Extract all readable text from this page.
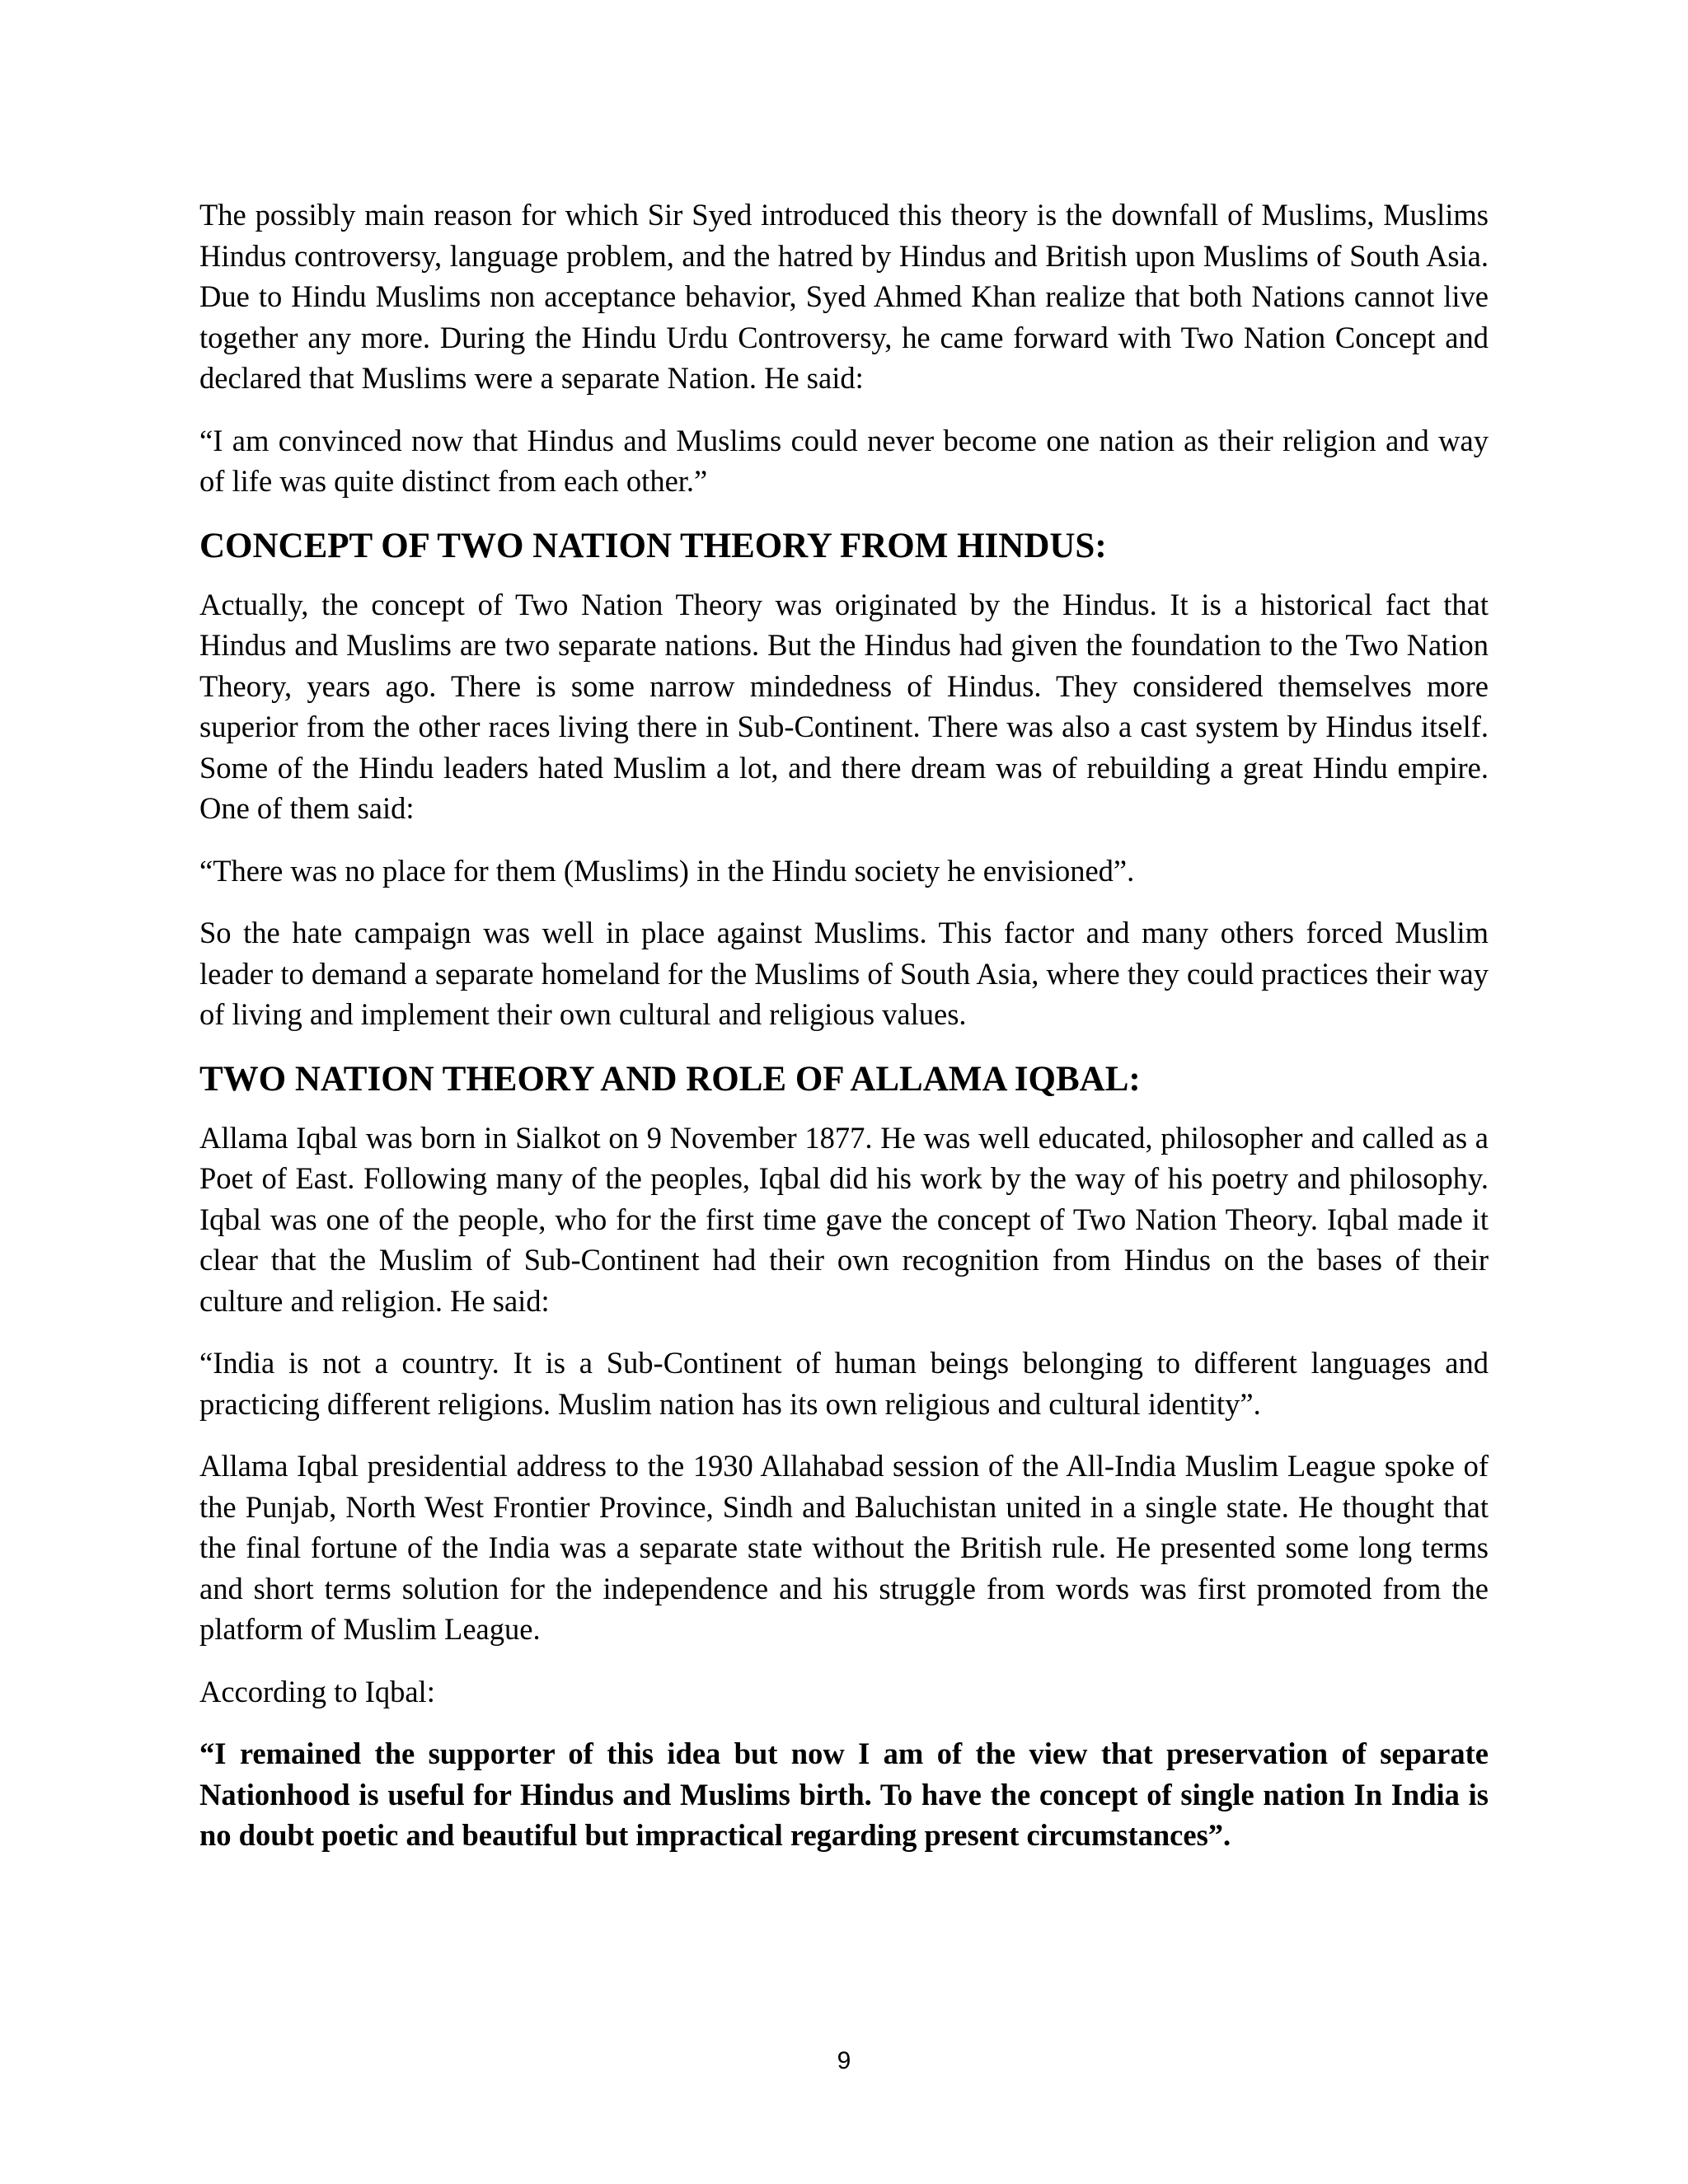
The possibly main reason for which Sir Syed introduced this theory is the downfall of Muslims, Muslims Hindus controversy, language problem, and the hatred by Hindus and British upon Muslims of South Asia. Due to Hindu Muslims non acceptance behavior, Syed Ahmed Khan realize that both Nations cannot live together any more. During the Hindu Urdu Controversy, he came forward with Two Nation Concept and declared that Muslims were a separate Nation. He said:

“I am convinced now that Hindus and Muslims could never become one nation as their religion and way of life was quite distinct from each other.”

CONCEPT OF TWO NATION THEORY FROM HINDUS:

Actually, the concept of Two Nation Theory was originated by the Hindus. It is a historical fact that Hindus and Muslims are two separate nations. But the Hindus had given the foundation to the Two Nation Theory, years ago. There is some narrow mindedness of Hindus. They considered themselves more superior from the other races living there in Sub-Continent. There was also a cast system by Hindus itself. Some of the Hindu leaders hated Muslim a lot, and there dream was of rebuilding a great Hindu empire. One of them said:

“There was no place for them (Muslims) in the Hindu society he envisioned”.

So the hate campaign was well in place against Muslims. This factor and many others forced Muslim leader to demand a separate homeland for the Muslims of South Asia, where they could practices their way of living and implement their own cultural and religious values.

TWO NATION THEORY AND ROLE OF ALLAMA IQBAL:

Allama Iqbal was born in Sialkot on 9 November 1877. He was well educated, philosopher and called as a Poet of East. Following many of the peoples, Iqbal did his work by the way of his poetry and philosophy. Iqbal was one of the people, who for the first time gave the concept of Two Nation Theory. Iqbal made it clear that the Muslim of Sub-Continent had their own recognition from Hindus on the bases of their culture and religion. He said:

“India is not a country. It is a Sub-Continent of human beings belonging to different languages and practicing different religions. Muslim nation has its own religious and cultural identity”.

Allama Iqbal presidential address to the 1930 Allahabad session of the All-India Muslim League spoke of the Punjab, North West Frontier Province, Sindh and Baluchistan united in a single state. He thought that the final fortune of the India was a separate state without the British rule. He presented some long terms and short terms solution for the independence and his struggle from words was first promoted from the platform of Muslim League.

According to Iqbal:

“I remained the supporter of this idea but now I am of the view that preservation of separate Nationhood is useful for Hindus and Muslims birth. To have the concept of single nation In India is no doubt poetic and beautiful but impractical regarding present circumstances”.

9
